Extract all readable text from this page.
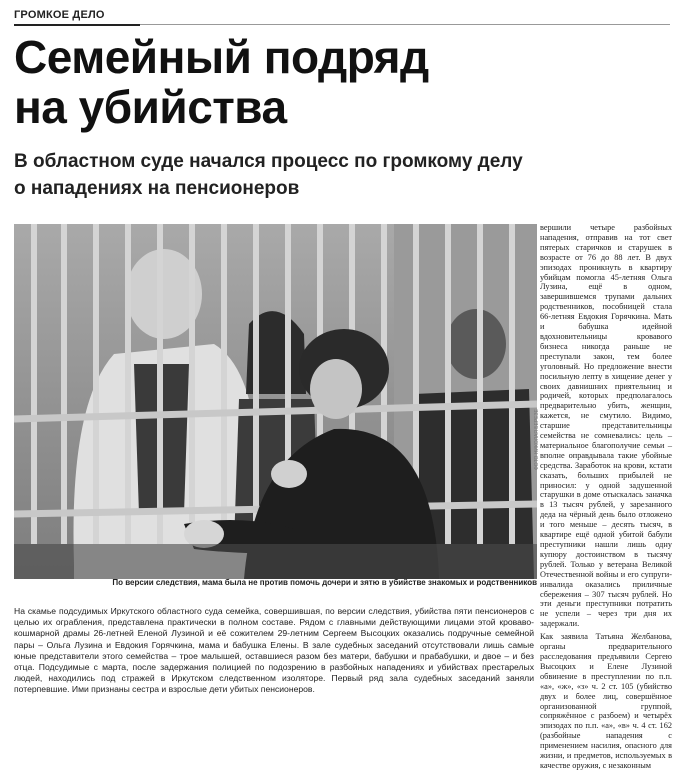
ГРОМКОЕ ДЕЛО
Семейный подряд
на убийства
В областном суде начался процесс по громкому делу
о нападениях на пенсионеров
ФОТО НИКОЛАЯ БЕРЕЗЕ
По версии следствия, мама была не против помочь дочери и зятю в убийстве знакомых и родственников

вершили четыре разбойных нападения, отправив на тот свет пятерых старичков и старушек в возрасте от 76 до 88 лет. В двух эпизодах проникнуть в квартиру убийцам помогла 45-летняя Ольга Лузина, ещё в одном, завершившемся трупами дальних родственников, пособницей стала 66-летняя Евдокия Горячкина. Мать и бабушка идейной вдохновительницы кровавого бизнеса никогда раньше не преступали закон, тем более уголовный. Но предложение внести посильную лепту в хищение денег у своих давнишних приятельниц и родичей, которых предполагалось предварительно убить, женщин, кажется, не смутило. Видимо, старшие представительницы семейства не сомневались: цель – материальное благополучие семьи – вполне оправдывала такие убойные средства. Заработок на крови, кстати сказать, больших прибылей не приносил: у одной задушенной старушки в доме отыскалась заначка в 13 тысяч рублей, у зарезанного деда на чёрный день было отложено и того меньше – десять тысяч, в квартире ещё одной убитой бабули преступники нашли лишь одну купюру достоинством в тысячу рублей. Только у ветерана Великой Отечественной войны и его супруги-инвалида оказались приличные сбережения – 307 тысяч рублей. Но эти деньги преступники потратить не успели – через три дня их задержали.

Как заявила Татьяна Желбанова, органы предварительного расследования предъявили Сергею Высоцких и Елене Лузиной обвинение в преступлении по п.п. «а», «ж», «з» ч. 2 ст. 105 (убийство двух и более лиц, совершённое организованной группой, сопряжённое с разбоем) и четырёх эпизодах по п.п. «а», «в» ч. 4 ст. 162 (разбойные нападения с применением насилия, опасного для жизни, и предметов, используемых в качестве оружия, с незаконным

На скамье подсудимых Иркутского областного суда семейка, совершившая, по версии следствия, убийства пяти пенсионеров с целью их ограбления, представлена практически в полном составе. Рядом с главными действующими лицами этой кроваво-кошмарной драмы 26-летней Еленой Лузиной и её сожителем 29-летним Сергеем Высоцких оказались подручные семейной пары – Ольга Лузина и Евдокия Горячкина, мама и бабушка Елены. В зале судебных заседаний отсутствовали лишь самые юные представители этого семейства – трое малышей, оставшиеся разом без матери, бабушки и прабабушки, и двое – и без отца. Подсудимые с марта, после задержания полицией по подозрению в разбойных нападениях и убийствах престарелых людей, находились под стражей в Иркутском следственном изоляторе. Первый ряд зала судебных заседаний заняли потерпевшие. Ими признаны сестра и взрослые дети убитых пенсионеров.
